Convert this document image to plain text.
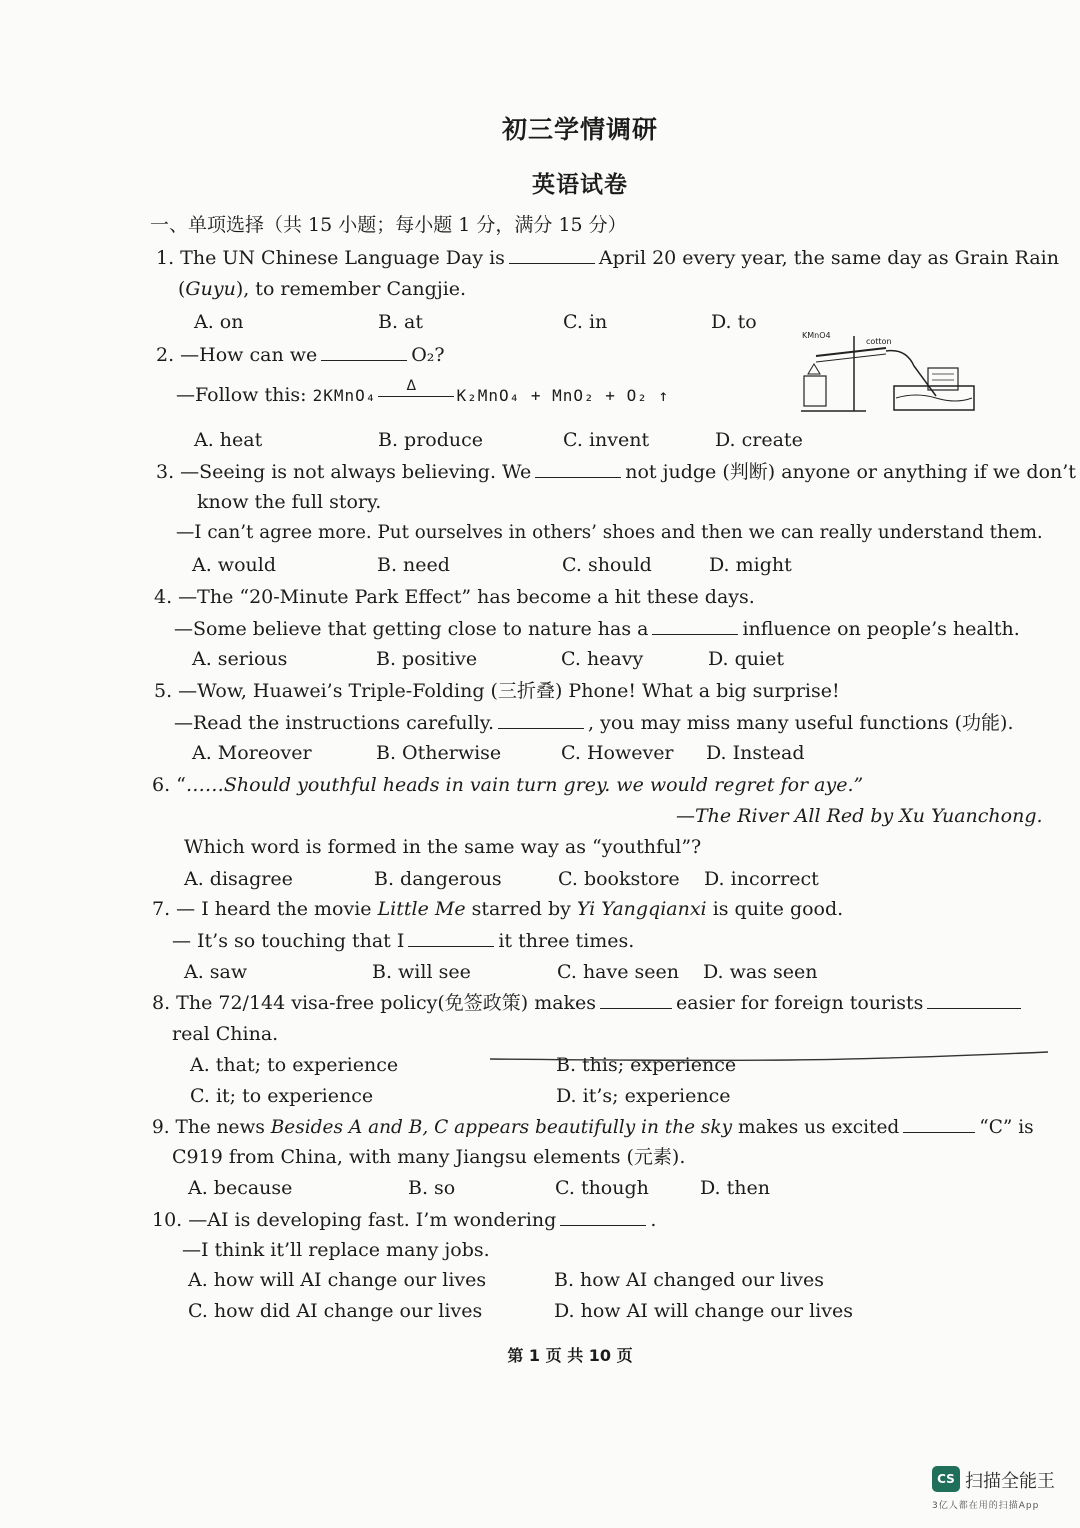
初三学情调研
英语试卷
一、单项选择（共 15 小题；每小题 1 分，满分 15 分）
1. The UN Chinese Language Day is	April 20 every year, the same day as Grain Rain
(Guyu), to remember Cangjie.
A. on	B. at	C. in	D. to
2. —How can we	O₂?
—Follow this: 2KMnO₄
Δ
K₂MnO₄ + MnO₂ + O₂ ↑
KMnO4
cotton
A. heat	B. produce	C. invent	D. create
3. —Seeing is not always believing. We	not judge (判断) anyone or anything if we don’t
know the full story.
—I can’t agree more. Put ourselves in others’ shoes and then we can really understand them.
A. would	B. need	C. should	D. might
4. —The “20-Minute Park Effect” has become a hit these days.
—Some believe that getting close to nature has a	influence on people’s health.
A. serious	B. positive	C. heavy	D. quiet
5. —Wow, Huawei’s Triple-Folding (三折叠) Phone! What a big surprise!
—Read the instructions carefully.	, you may miss many useful functions (功能).
A. Moreover	B. Otherwise	C. However D. Instead
6. “……Should youthful heads in vain turn grey. we would regret for aye.”
—The River All Red by Xu Yuanchong.
Which word is formed in the same way as “youthful”?
A. disagree	B. dangerous	C. bookstore D. incorrect
7. — I heard the movie Little Me starred by Yi Yangqianxi is quite good.
— It’s so touching that I	it three times.
A. saw	B. will see	C. have seen D. was seen
8. The 72/144 visa-free policy(免签政策) makes	easier for foreign tourists
real China.
A. that; to experience	B. this; experience
C. it; to experience	D. it’s; experience
9. The news Besides A and B, C appears beautifully in the sky makes us excited	“C” is
C919 from China, with many Jiangsu elements (元素).
A. because	B. so	C. though	D. then
10. —AI is developing fast. I’m wondering	.
—I think it’ll replace many jobs.
A. how will AI change our lives	B. how AI changed our lives
C. how did AI change our lives	D. how AI will change our lives
第 1 页 共 10 页
CS 扫描全能王
3亿人都在用的扫描App
